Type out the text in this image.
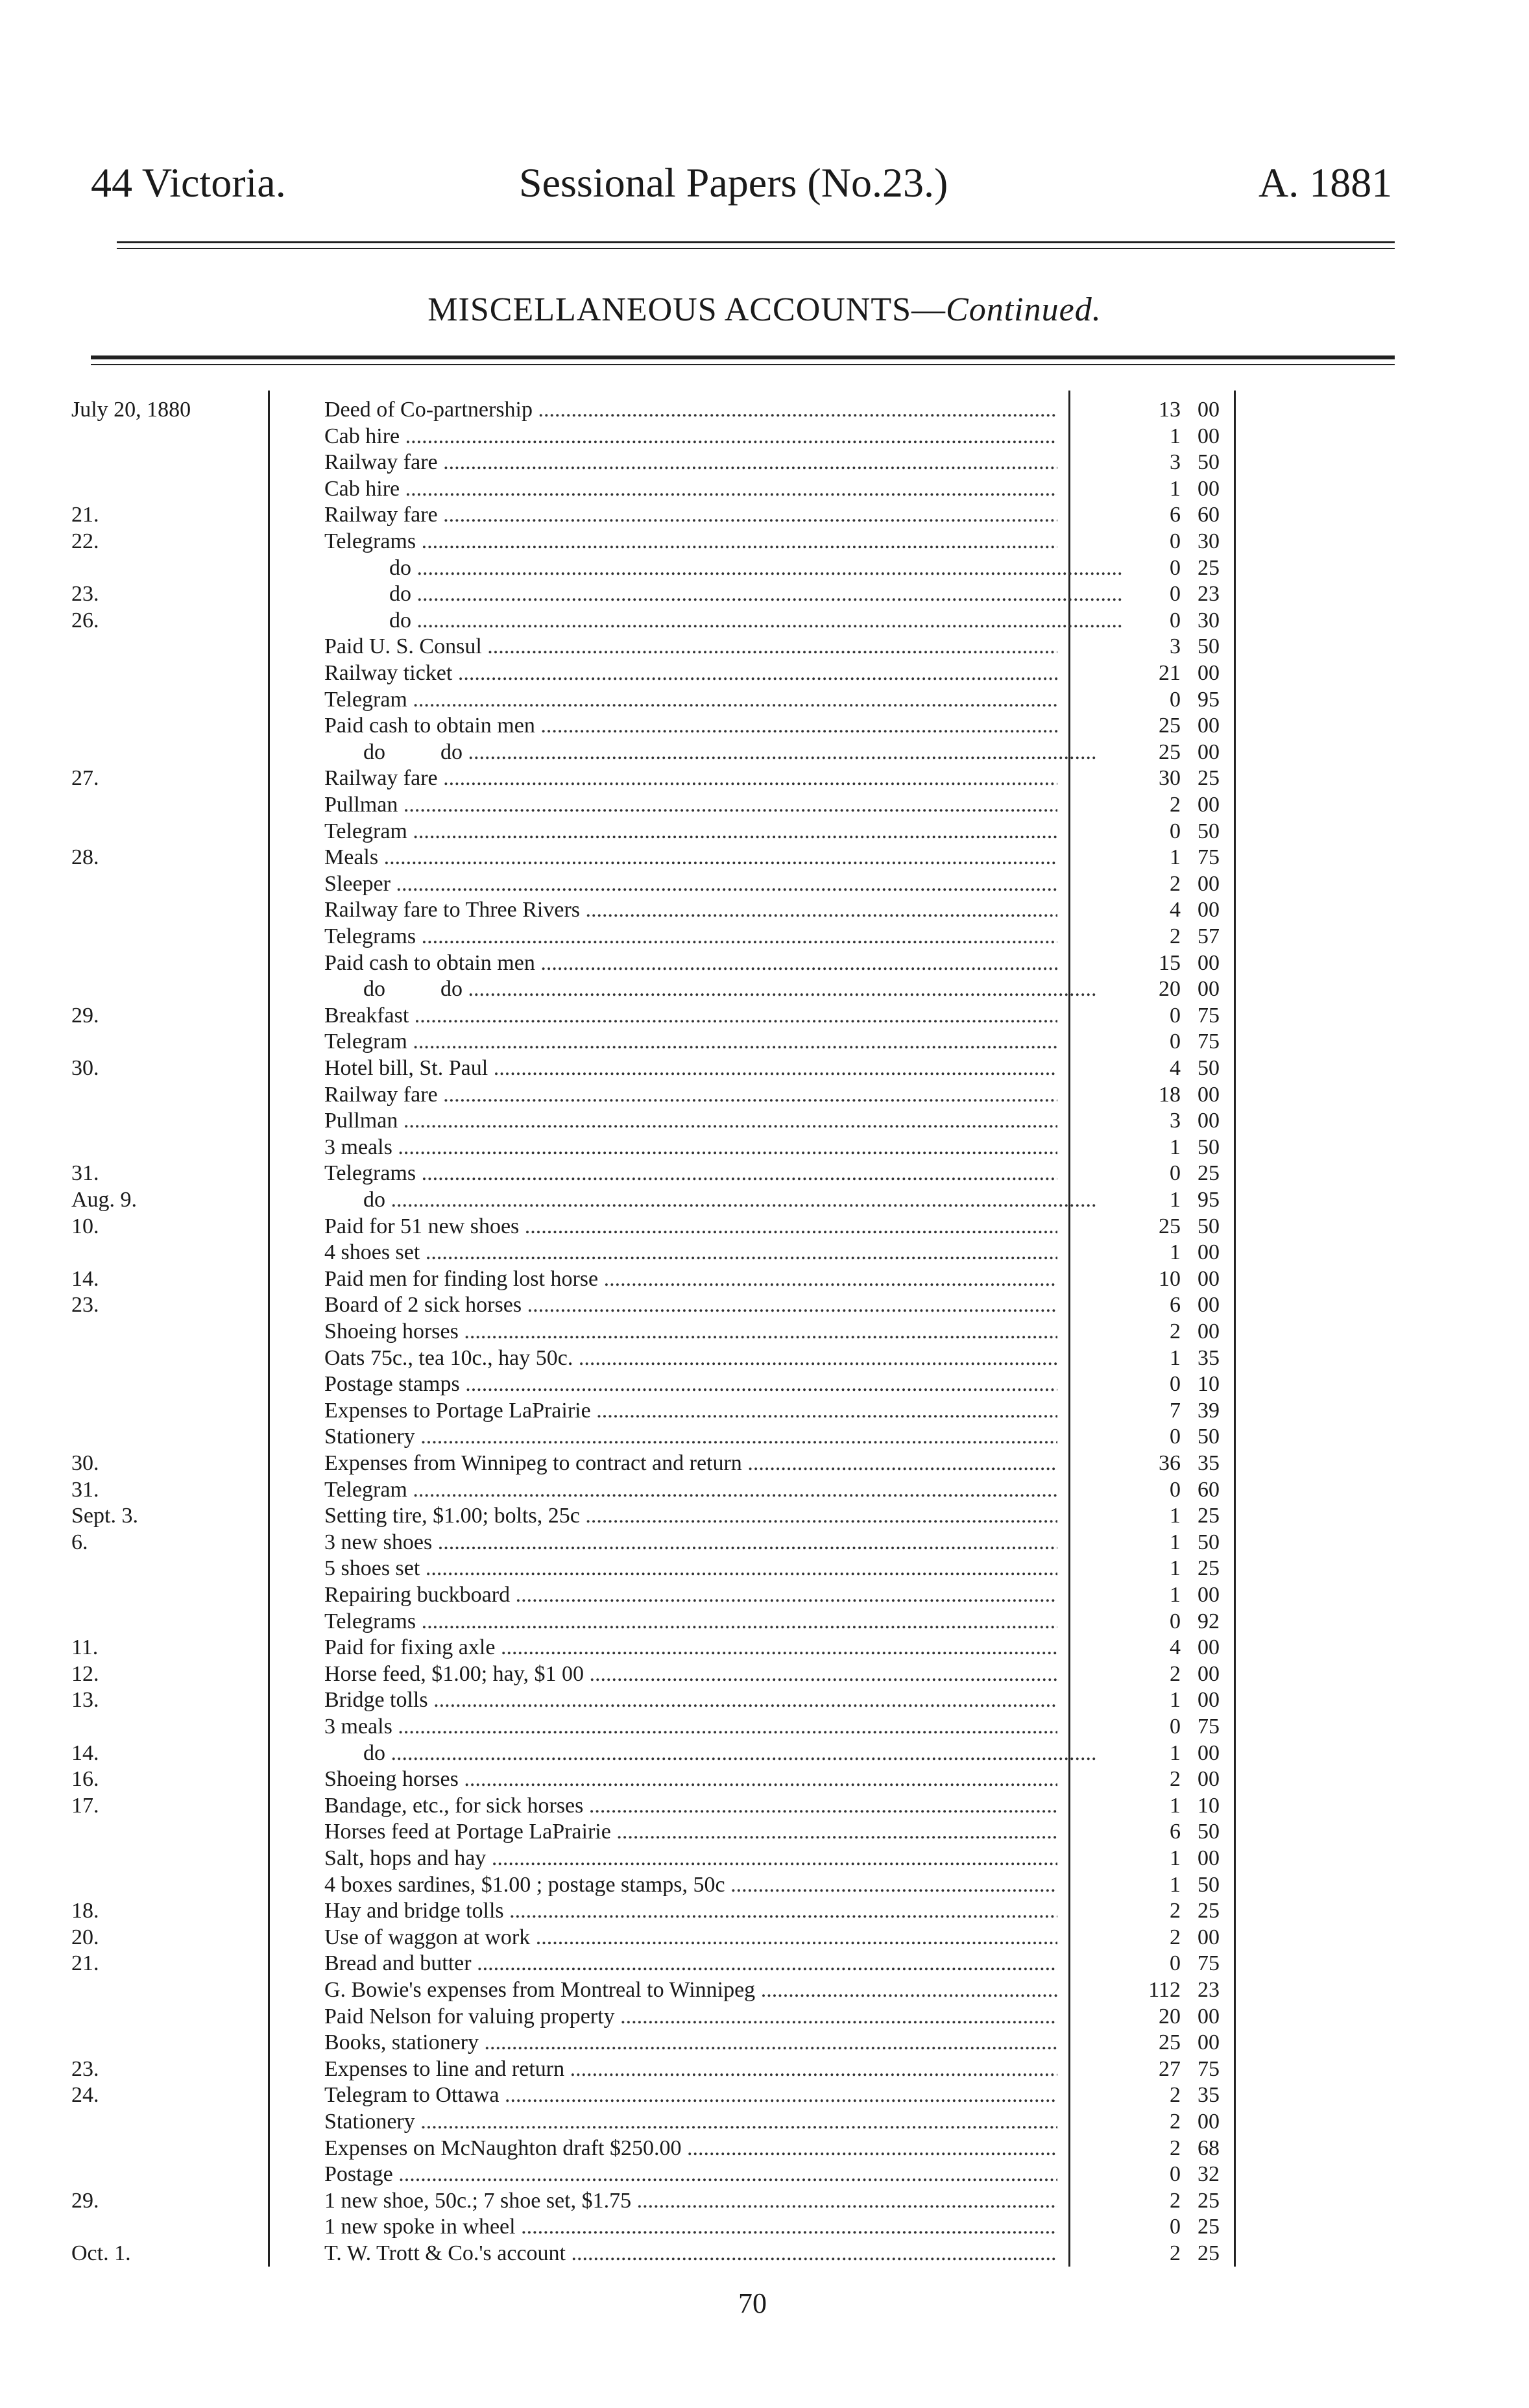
44 Victoria.	Sessional Papers (No.23.)	A. 1881
MISCELLANEOUS ACCOUNTS—Continued.
July 20, 1880	Deed of Co-partnership .....	13 00
Cab hire .....	1 00
Railway fare .....	3 50
Cab hire .....	1 00
21.	Railway fare .....	6 60
22.	Telegrams .....	0 30
do .....	0 25
23.	do .....	0 23
26.	do .....	0 30
Paid U. S. Consul .....	3 50
Railway ticket .....	21 00
Telegram .....	0 95
Paid cash to obtain men .....	25 00
do          do .....	25 00
27.	Railway fare .....	30 25
Pullman .....	2 00
Telegram .....	0 50
28.	Meals .....	1 75
Sleeper .....	2 00
Railway fare to Three Rivers .....	4 00
Telegrams .....	2 57
Paid cash to obtain men .....	15 00
do          do .....	20 00
29.	Breakfast .....	0 75
Telegram .....	0 75
30.	Hotel bill, St. Paul .....	4 50
Railway fare .....	18 00
Pullman .....	3 00
3 meals .....	1 50
31.	Telegrams .....	0 25
Aug. 9.	do .....	1 95
10.	Paid for 51 new shoes .....	25 50
4 shoes set .....	1 00
14.	Paid men for finding lost horse .....	10 00
23.	Board of 2 sick horses .....	6 00
Shoeing horses .....	2 00
Oats 75c., tea 10c., hay 50c. .....	1 35
Postage stamps .....	0 10
Expenses to Portage LaPrairie .....	7 39
Stationery .....	0 50
30.	Expenses from Winnipeg to contract and return .....	36 35
31.	Telegram .....	0 60
Sept. 3.	Setting tire, $1.00; bolts, 25c .....	1 25
6.	3 new shoes .....	1 50
5 shoes set .....	1 25
Repairing buckboard .....	1 00
Telegrams .....	0 92
11.	Paid for fixing axle .....	4 00
12.	Horse feed, $1.00; hay, $1 00 .....	2 00
13.	Bridge tolls .....	1 00
3 meals .....	0 75
14.	do .....	1 00
16.	Shoeing horses .....	2 00
17.	Bandage, etc., for sick horses .....	1 10
Horses feed at Portage LaPrairie .....	6 50
Salt, hops and hay .....	1 00
4 boxes sardines, $1.00 ; postage stamps, 50c .....	1 50
18.	Hay and bridge tolls .....	2 25
20.	Use of waggon at work .....	2 00
21.	Bread and butter .....	0 75
G. Bowie's expenses from Montreal to Winnipeg .....	112 23
Paid Nelson for valuing property .....	20 00
Books, stationery .....	25 00
23.	Expenses to line and return .....	27 75
24.	Telegram to Ottawa .....	2 35
Stationery .....	2 00
Expenses on McNaughton draft $250.00 .....	2 68
Postage .....	0 32
29.	1 new shoe, 50c.; 7 shoe set, $1.75 .....	2 25
1 new spoke in wheel .....	0 25
Oct. 1.	T. W. Trott & Co.'s account .....	2 25
70
